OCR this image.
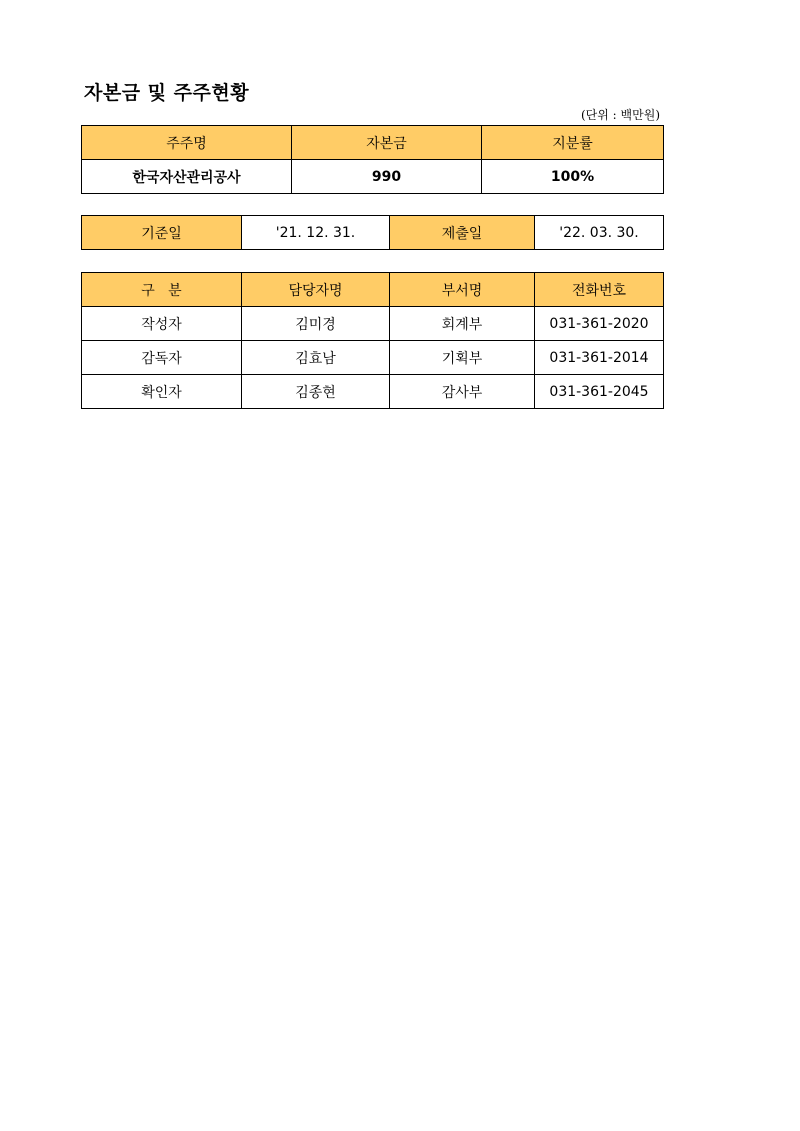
자본금 및 주주현황
(단위 : 백만원)
주주명	자본금	지분률
한국자산관리공사	990	100%
기준일	'21. 12. 31.	제출일	'22. 03. 30.
구   분	담당자명	부서명	전화번호
작성자	김미경	회계부	031-361-2020
감독자	김효남	기획부	031-361-2014
확인자	김종현	감사부	031-361-2045
